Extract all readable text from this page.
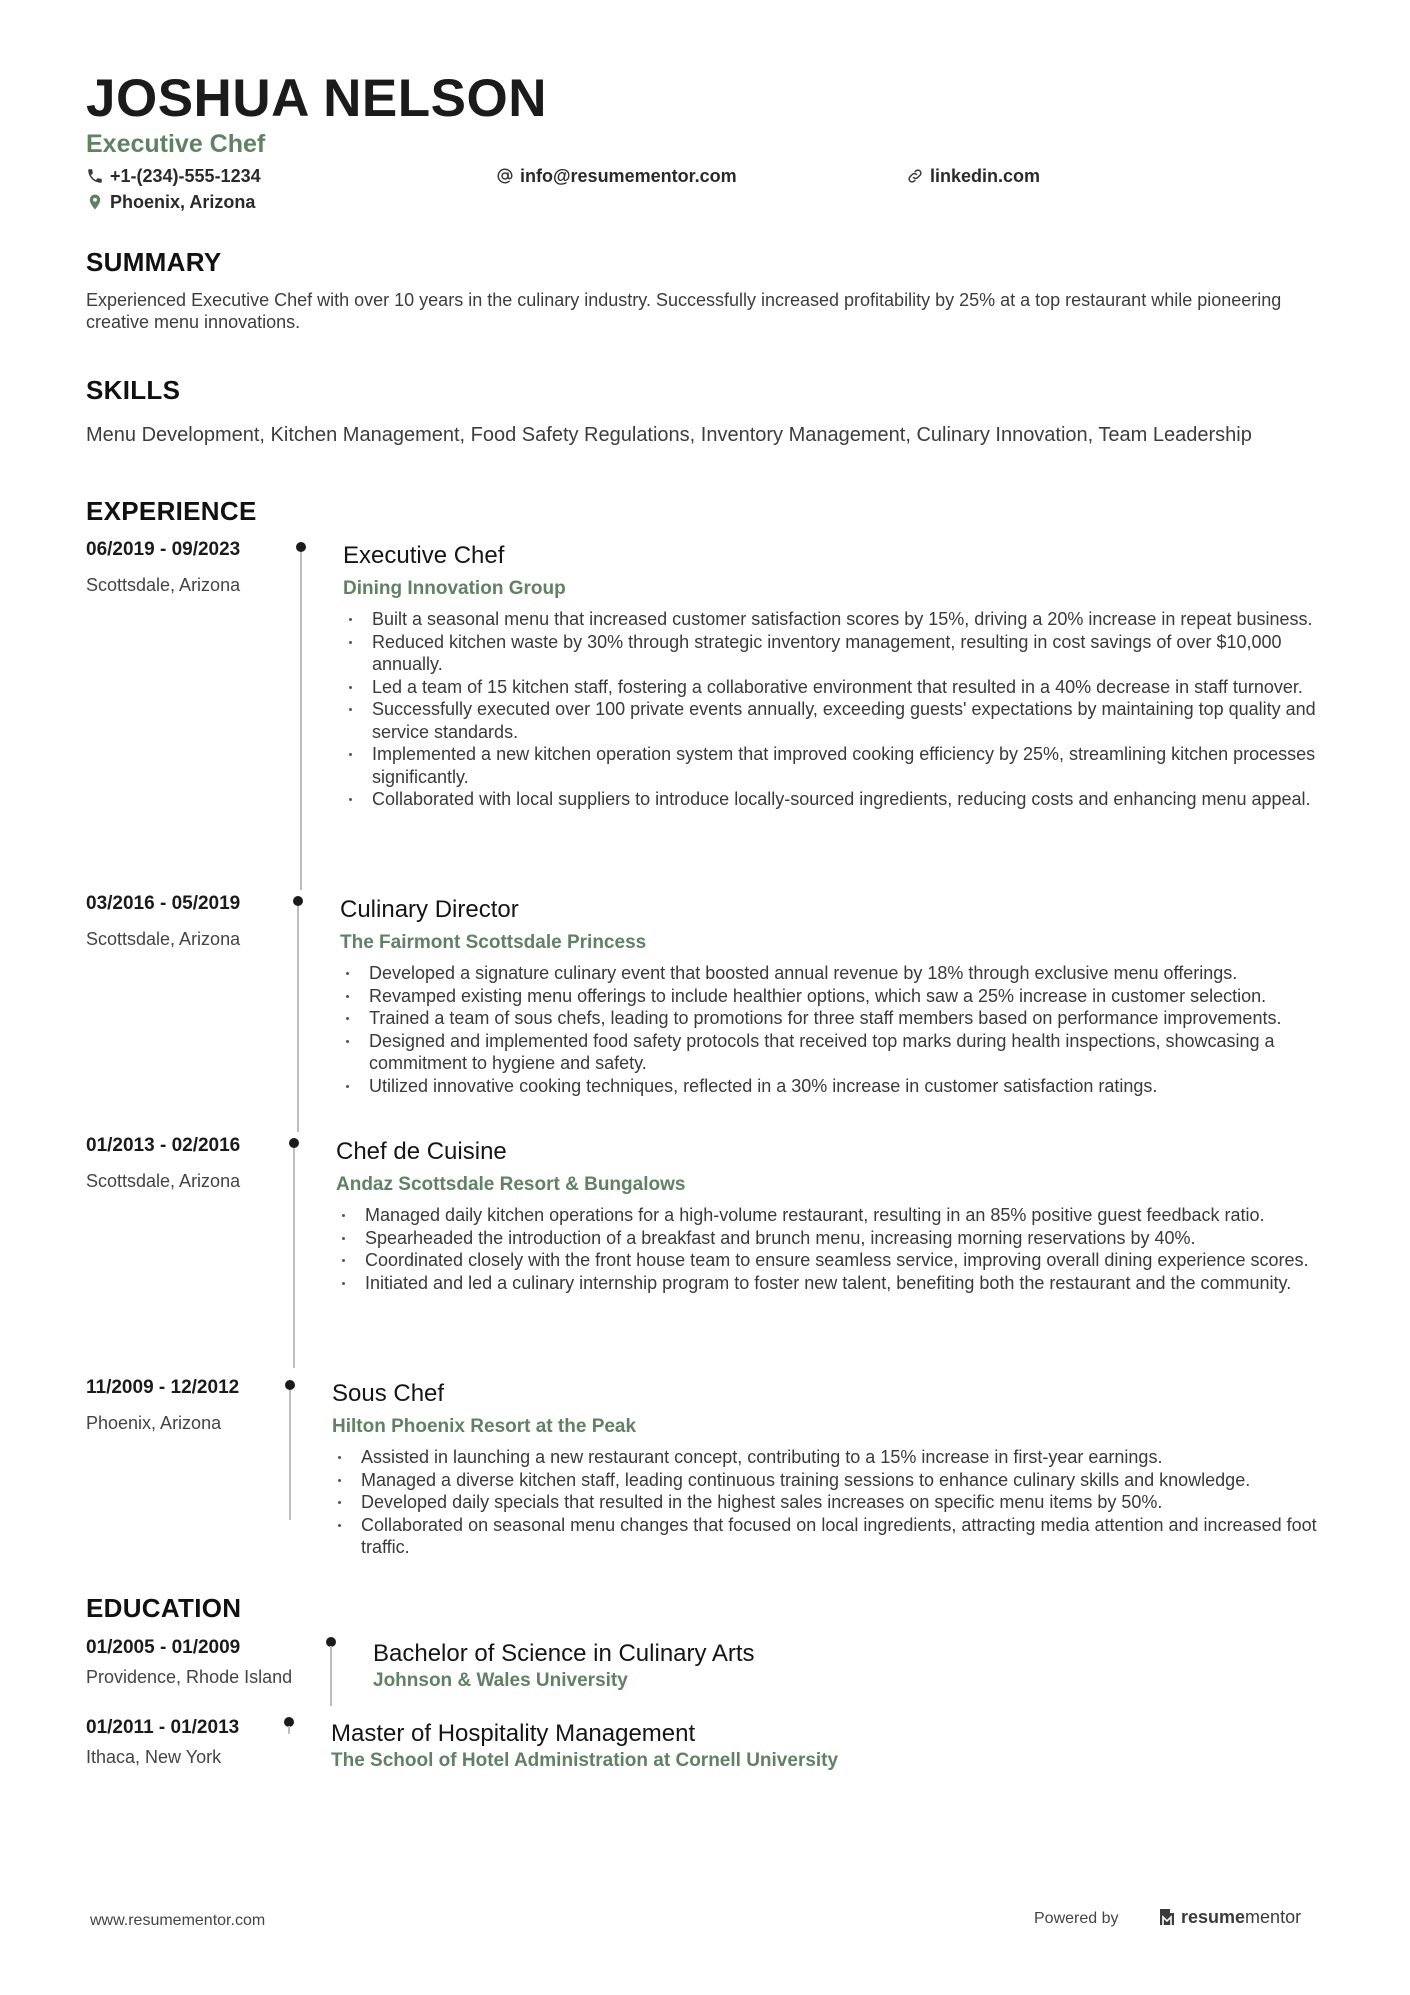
JOSHUA NELSON
Executive Chef
+1-(234)-555-1234	info@resumementor.com	linkedin.com
Phoenix, Arizona
SUMMARY

Experienced Executive Chef with over 10 years in the culinary industry. Successfully increased profitability by 25% at a top restaurant while pioneering creative menu innovations.

SKILLS

Menu Development, Kitchen Management, Food Safety Regulations, Inventory Management, Culinary Innovation, Team Leadership

EXPERIENCE
06/2019 - 09/2023
Scottsdale, Arizona
Executive Chef
Dining Innovation Group
Built a seasonal menu that increased customer satisfaction scores by 15%, driving a 20% increase in repeat business.
Reduced kitchen waste by 30% through strategic inventory management, resulting in cost savings of over $10,000 annually.
Led a team of 15 kitchen staff, fostering a collaborative environment that resulted in a 40% decrease in staff turnover.
Successfully executed over 100 private events annually, exceeding guests' expectations by maintaining top quality and service standards.
Implemented a new kitchen operation system that improved cooking efficiency by 25%, streamlining kitchen processes significantly.
Collaborated with local suppliers to introduce locally-sourced ingredients, reducing costs and enhancing menu appeal.
03/2016 - 05/2019
Scottsdale, Arizona
Culinary Director
The Fairmont Scottsdale Princess
Developed a signature culinary event that boosted annual revenue by 18% through exclusive menu offerings.
Revamped existing menu offerings to include healthier options, which saw a 25% increase in customer selection.
Trained a team of sous chefs, leading to promotions for three staff members based on performance improvements.
Designed and implemented food safety protocols that received top marks during health inspections, showcasing a commitment to hygiene and safety.
Utilized innovative cooking techniques, reflected in a 30% increase in customer satisfaction ratings.
01/2013 - 02/2016
Scottsdale, Arizona
Chef de Cuisine
Andaz Scottsdale Resort & Bungalows
Managed daily kitchen operations for a high-volume restaurant, resulting in an 85% positive guest feedback ratio.
Spearheaded the introduction of a breakfast and brunch menu, increasing morning reservations by 40%.
Coordinated closely with the front house team to ensure seamless service, improving overall dining experience scores.
Initiated and led a culinary internship program to foster new talent, benefiting both the restaurant and the community.
11/2009 - 12/2012
Phoenix, Arizona
Sous Chef
Hilton Phoenix Resort at the Peak
Assisted in launching a new restaurant concept, contributing to a 15% increase in first-year earnings.
Managed a diverse kitchen staff, leading continuous training sessions to enhance culinary skills and knowledge.
Developed daily specials that resulted in the highest sales increases on specific menu items by 50%.
Collaborated on seasonal menu changes that focused on local ingredients, attracting media attention and increased foot traffic.
EDUCATION
01/2005 - 01/2009
Providence, Rhode Island
Bachelor of Science in Culinary Arts
Johnson & Wales University
01/2011 - 01/2013
Ithaca, New York
Master of Hospitality Management
The School of Hotel Administration at Cornell University
www.resumementor.com	Powered by	resume mentor
